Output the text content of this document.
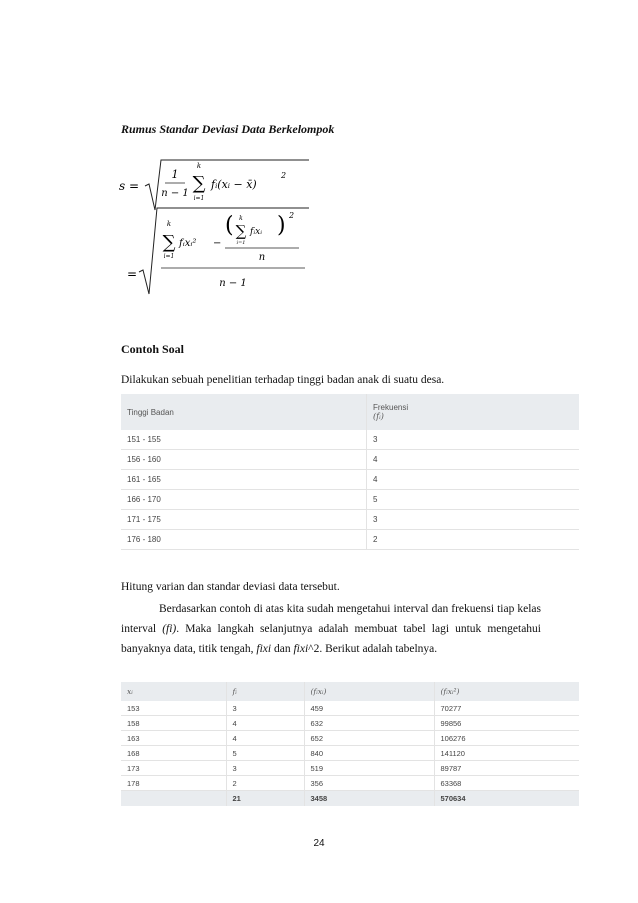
Rumus Standar Deviasi Data Berkelompok
s =
1
n − 1
k
∑
i=1
fᵢ(xᵢ − x̄)
2
=
k
∑
i=1
fᵢxᵢ² −
( k
∑
i=1
fᵢxᵢ ) 2
n
n − 1
Contoh Soal
Dilakukan sebuah penelitian terhadap tinggi badan anak di suatu desa.
Tinggi Badan	Frekuensi
(fᵢ)

151 - 155	3
156 - 160	4
161 - 165	4
166 - 170	5
171 - 175	3
176 - 180	2
Hitung varian dan standar deviasi data tersebut.
Berdasarkan contoh di atas kita sudah mengetahui interval dan frekuensi tiap kelas interval (fi). Maka langkah selanjutnya adalah membuat tabel lagi untuk mengetahui banyaknya data, titik tengah, fixi dan fixi^2. Berikut adalah tabelnya.
xᵢ	fᵢ	(fᵢxᵢ)	(fᵢxᵢ²)
153	3	459	70277
158	4	632	99856
163	4	652	106276
168	5	840	141120
173	3	519	89787
178	2	356	63368
	21	3458	570634
24
